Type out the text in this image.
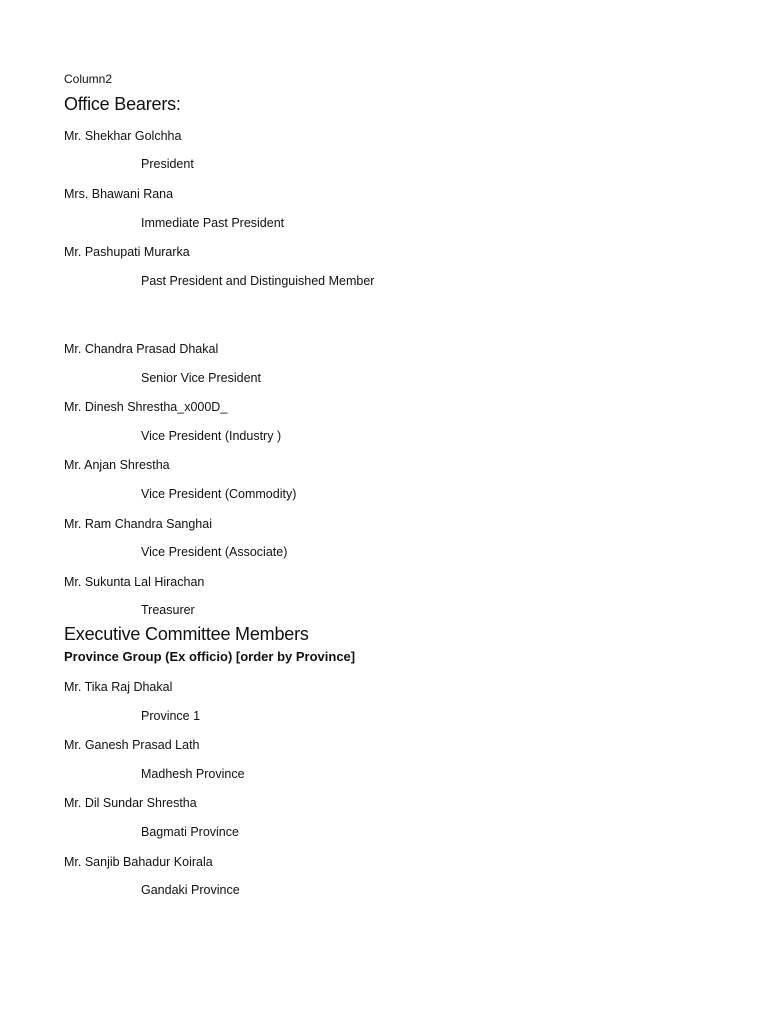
Column2
Office Bearers:
Mr. Shekhar Golchha
President
Mrs. Bhawani Rana
Immediate Past President
Mr. Pashupati Murarka
Past President and Distinguished Member
Mr. Chandra Prasad Dhakal
Senior Vice President
Mr. Dinesh Shrestha_x000D_
Vice President (Industry )
Mr. Anjan Shrestha
Vice President (Commodity)
Mr. Ram Chandra Sanghai
Vice President (Associate)
Mr. Sukunta Lal Hirachan
Treasurer
Executive Committee Members
Province Group (Ex officio) [order by Province]
Mr. Tika Raj Dhakal
Province 1
Mr. Ganesh Prasad Lath
Madhesh Province
Mr. Dil Sundar Shrestha
Bagmati Province
Mr. Sanjib Bahadur Koirala
Gandaki Province
